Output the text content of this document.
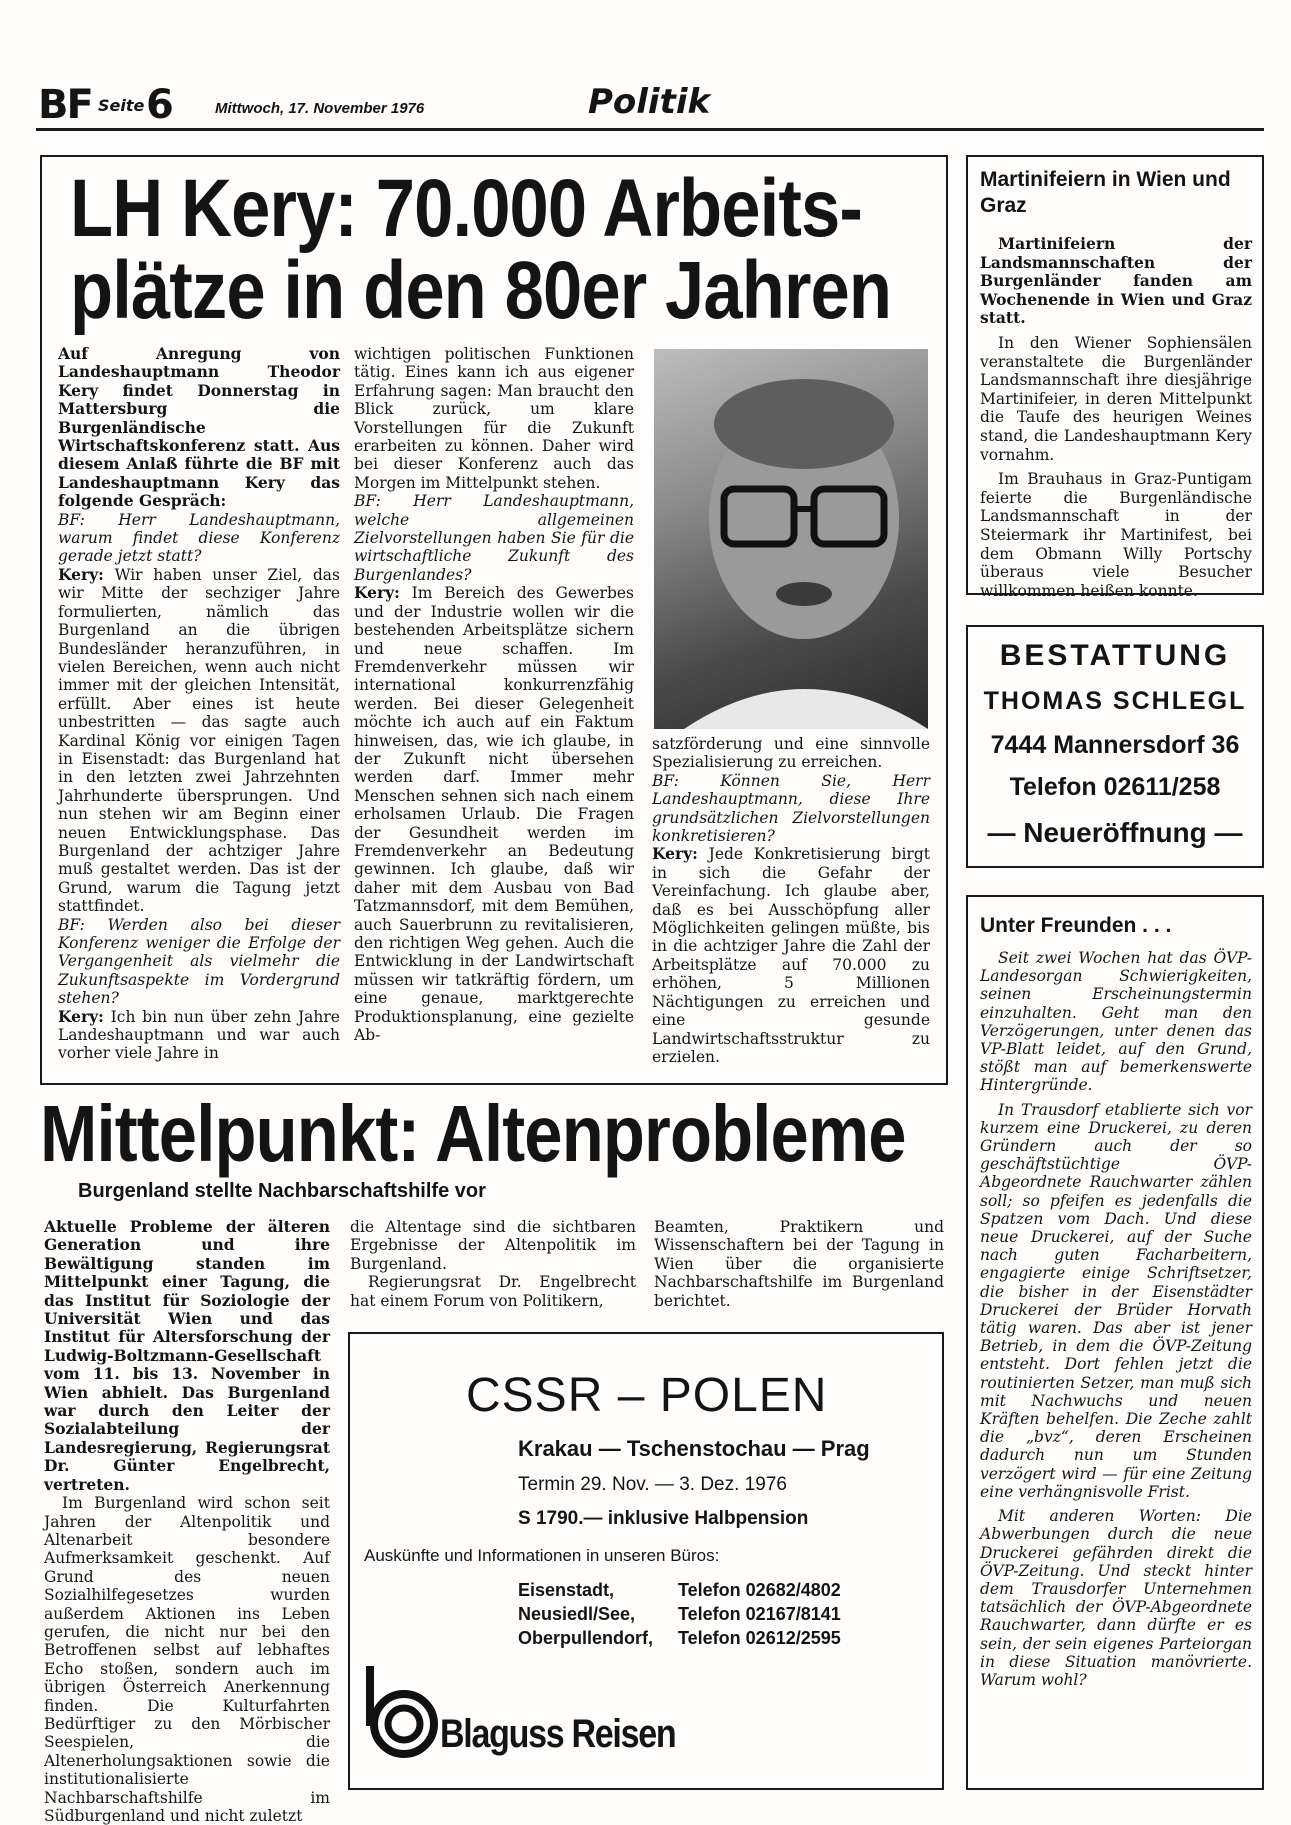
BF Seite 6	Mittwoch, 17. November 1976	Politik
LH Kery: 70.000 Arbeits-
plätze in den 80er Jahren

Auf Anregung von Landeshauptmann Theodor Kery findet Donnerstag in Mattersburg die Burgenländische Wirtschaftskonferenz statt. Aus diesem Anlaß führte die BF mit Landeshauptmann Kery das folgende Gespräch:

BF: Herr Landeshauptmann, warum findet diese Konferenz gerade jetzt statt?

Kery: Wir haben unser Ziel, das wir Mitte der sechziger Jahre formulierten, nämlich das Burgenland an die übrigen Bundesländer heranzuführen, in vielen Bereichen, wenn auch nicht immer mit der gleichen Intensität, erfüllt. Aber eines ist heute unbestritten — das sagte auch Kardinal König vor einigen Tagen in Eisenstadt: das Burgenland hat in den letzten zwei Jahrzehnten Jahrhunderte übersprungen. Und nun stehen wir am Beginn einer neuen Entwicklungsphase. Das Burgenland der achtziger Jahre muß gestaltet werden. Das ist der Grund, warum die Tagung jetzt stattfindet.

BF: Werden also bei dieser Konferenz weniger die Erfolge der Vergangenheit als vielmehr die Zukunftsaspekte im Vordergrund stehen?

Kery: Ich bin nun über zehn Jahre Landeshauptmann und war auch vorher viele Jahre in

wichtigen politischen Funktionen tätig. Eines kann ich aus eigener Erfahrung sagen: Man braucht den Blick zurück, um klare Vorstellungen für die Zukunft erarbeiten zu können. Daher wird bei dieser Konferenz auch das Morgen im Mittelpunkt stehen.

BF: Herr Landeshauptmann, welche allgemeinen Zielvorstellungen haben Sie für die wirtschaftliche Zukunft des Burgenlandes?

Kery: Im Bereich des Gewerbes und der Industrie wollen wir die bestehenden Arbeitsplätze sichern und neue schaffen. Im Fremdenverkehr müssen wir international konkurrenzfähig werden. Bei dieser Gelegenheit möchte ich auch auf ein Faktum hinweisen, das, wie ich glaube, in der Zukunft nicht übersehen werden darf. Immer mehr Menschen sehnen sich nach einem erholsamen Urlaub. Die Fragen der Gesundheit werden im Fremdenverkehr an Bedeutung gewinnen. Ich glaube, daß wir daher mit dem Ausbau von Bad Tatzmannsdorf, mit dem Bemühen, auch Sauerbrunn zu revitalisieren, den richtigen Weg gehen. Auch die Entwicklung in der Landwirtschaft müssen wir tatkräftig fördern, um eine genaue, marktgerechte Produktionsplanung, eine gezielte Ab-

satzförderung und eine sinnvolle Spezialisierung zu erreichen.

BF: Können Sie, Herr Landeshauptmann, diese Ihre grundsätzlichen Zielvorstellungen konkretisieren?

Kery: Jede Konkretisierung birgt in sich die Gefahr der Vereinfachung. Ich glaube aber, daß es bei Ausschöpfung aller Möglichkeiten gelingen müßte, bis in die achtziger Jahre die Zahl der Arbeitsplätze auf 70.000 zu erhöhen, 5 Millionen Nächtigungen zu erreichen und eine gesunde Landwirtschaftsstruktur zu erzielen.

Mittelpunkt: Altenprobleme
Burgenland stellte Nachbarschaftshilfe vor

Aktuelle Probleme der älteren Generation und ihre Bewältigung standen im Mittelpunkt einer Tagung, die das Institut für Soziologie der Universität Wien und das Institut für Altersforschung der Ludwig-Boltzmann-Gesellschaft vom 11. bis 13. November in Wien abhielt. Das Burgenland war durch den Leiter der Sozialabteilung der Landesregierung, Regierungsrat Dr. Günter Engelbrecht, vertreten.

Im Burgenland wird schon seit Jahren der Altenpolitik und Altenarbeit besondere Aufmerksamkeit geschenkt. Auf Grund des neuen Sozialhilfegesetzes wurden außerdem Aktionen ins Leben gerufen, die nicht nur bei den Betroffenen selbst auf lebhaftes Echo stoßen, sondern auch im übrigen Österreich Anerkennung finden. Die Kulturfahrten Bedürftiger zu den Mörbischer Seespielen, die Altenerholungsaktionen sowie die institutionalisierte Nachbarschaftshilfe im Südburgenland und nicht zuletzt

die Altentage sind die sichtbaren Ergebnisse der Altenpolitik im Burgenland.

Regierungsrat Dr. Engelbrecht hat einem Forum von Politikern,

Beamten, Praktikern und Wissenschaftern bei der Tagung in Wien über die organisierte Nachbarschaftshilfe im Burgenland berichtet.

CSSR – POLEN
Krakau — Tschenstochau — Prag
Termin 29. Nov. — 3. Dez. 1976
S 1790.— inklusive Halbpension
Auskünfte und Informationen in unseren Büros:
Eisenstadt,	Telefon 02682/4802
Neusiedl/See, Telefon 02167/8141
Oberpullendorf, Telefon 02612/2595
Blaguss Reisen
Martinifeiern in Wien und Graz

Martinifeiern der Landsmannschaften der Burgenländer fanden am Wochenende in Wien und Graz statt.

In den Wiener Sophiensälen veranstaltete die Burgenländer Landsmannschaft ihre diesjährige Martinifeier, in deren Mittelpunkt die Taufe des heurigen Weines stand, die Landeshauptmann Kery vornahm.

Im Brauhaus in Graz-Puntigam feierte die Burgenländische Landsmannschaft in der Steiermark ihr Martinifest, bei dem Obmann Willy Portschy überaus viele Besucher willkommen heißen konnte.

BESTATTUNG
THOMAS SCHLEGL
7444 Mannersdorf 36
Telefon 02611/258
— Neueröffnung —
Unter Freunden . . .

Seit zwei Wochen hat das ÖVP-Landesorgan Schwierigkeiten, seinen Erscheinungstermin einzuhalten. Geht man den Verzögerungen, unter denen das VP-Blatt leidet, auf den Grund, stößt man auf bemerkenswerte Hintergründe.

In Trausdorf etablierte sich vor kurzem eine Druckerei, zu deren Gründern auch der so geschäftstüchtige ÖVP-Abgeordnete Rauchwarter zählen soll; so pfeifen es jedenfalls die Spatzen vom Dach. Und diese neue Druckerei, auf der Suche nach guten Facharbeitern, engagierte einige Schriftsetzer, die bisher in der Eisenstädter Druckerei der Brüder Horvath tätig waren. Das aber ist jener Betrieb, in dem die ÖVP-Zeitung entsteht. Dort fehlen jetzt die routinierten Setzer, man muß sich mit Nachwuchs und neuen Kräften behelfen. Die Zeche zahlt die „bvz“, deren Erscheinen dadurch nun um Stunden verzögert wird — für eine Zeitung eine verhängnisvolle Frist.

Mit anderen Worten: Die Abwerbungen durch die neue Druckerei gefährden direkt die ÖVP-Zeitung. Und steckt hinter dem Trausdorfer Unternehmen tatsächlich der ÖVP-Abgeordnete Rauchwarter, dann dürfte er es sein, der sein eigenes Parteiorgan in diese Situation manövrierte. Warum wohl?
